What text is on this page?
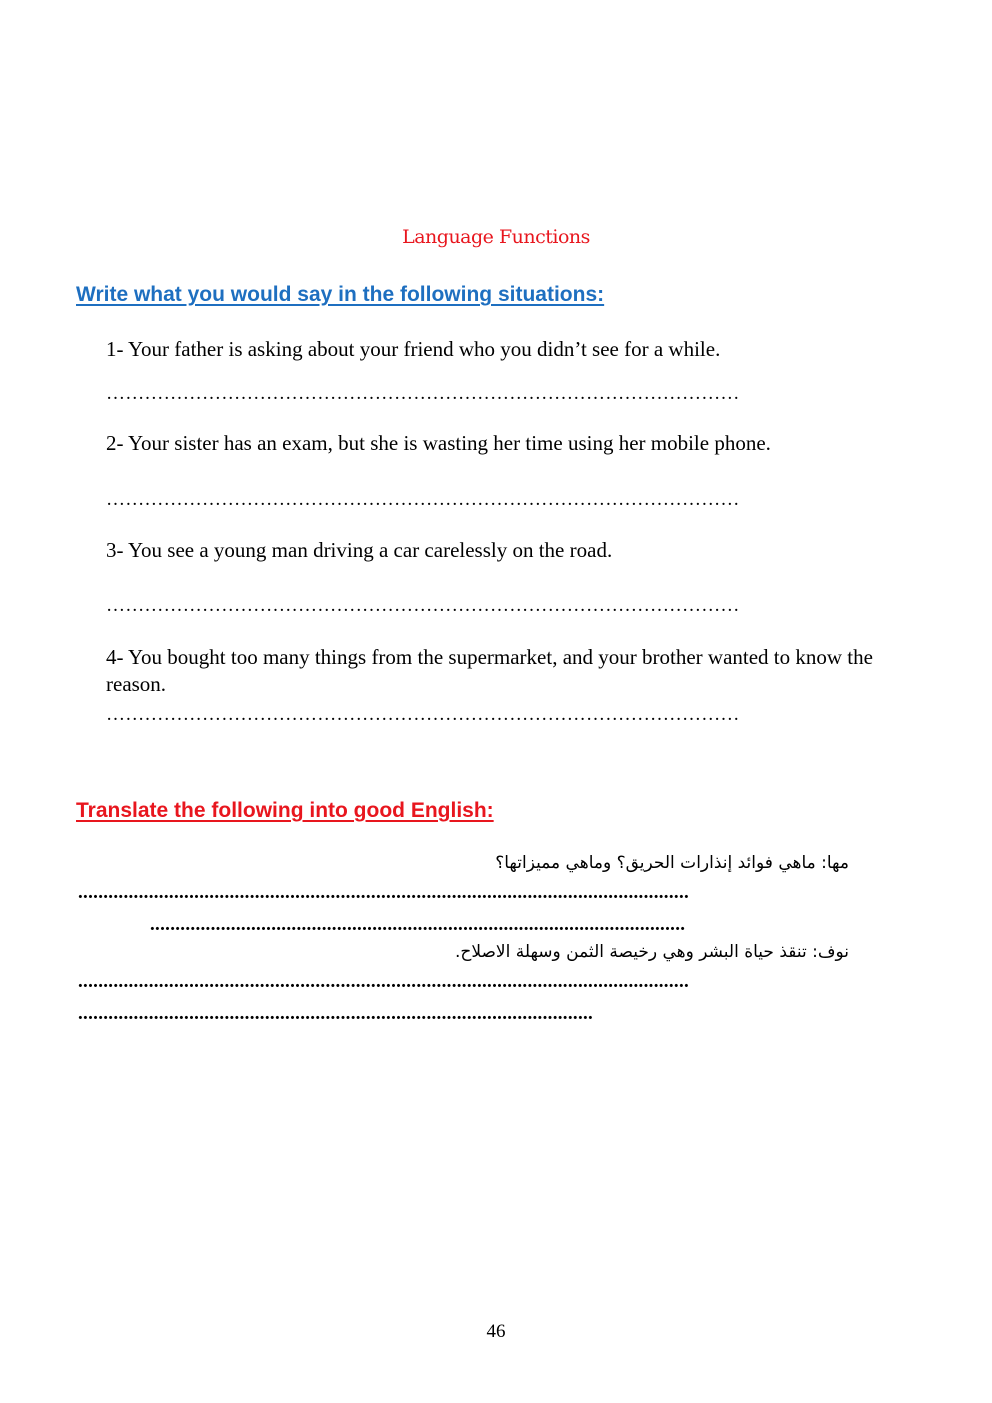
Language Functions
Write what you would say in the following situations:
1- Your father is asking about your friend who you didn’t see for a while.
………………………………………………………………………………………
2- Your sister has an exam, but she is wasting her time using her mobile phone.
………………………………………………………………………………………
3- You see a young man driving a car carelessly on the road.
………………………………………………………………………………………
4- You bought too many things from the supermarket, and your brother wanted to know the reason.
………………………………………………………………………………………
Translate the following into good English:
مها: ماهي فوائد إنذارات الحريق؟ وماهي مميزاتها؟
.........................................................................................................................
..........................................................................................................
نوف: تنقذ حياة البشر وهي رخيصة الثمن وسهلة الاصلاح.
.........................................................................................................................
......................................................................................................
46
